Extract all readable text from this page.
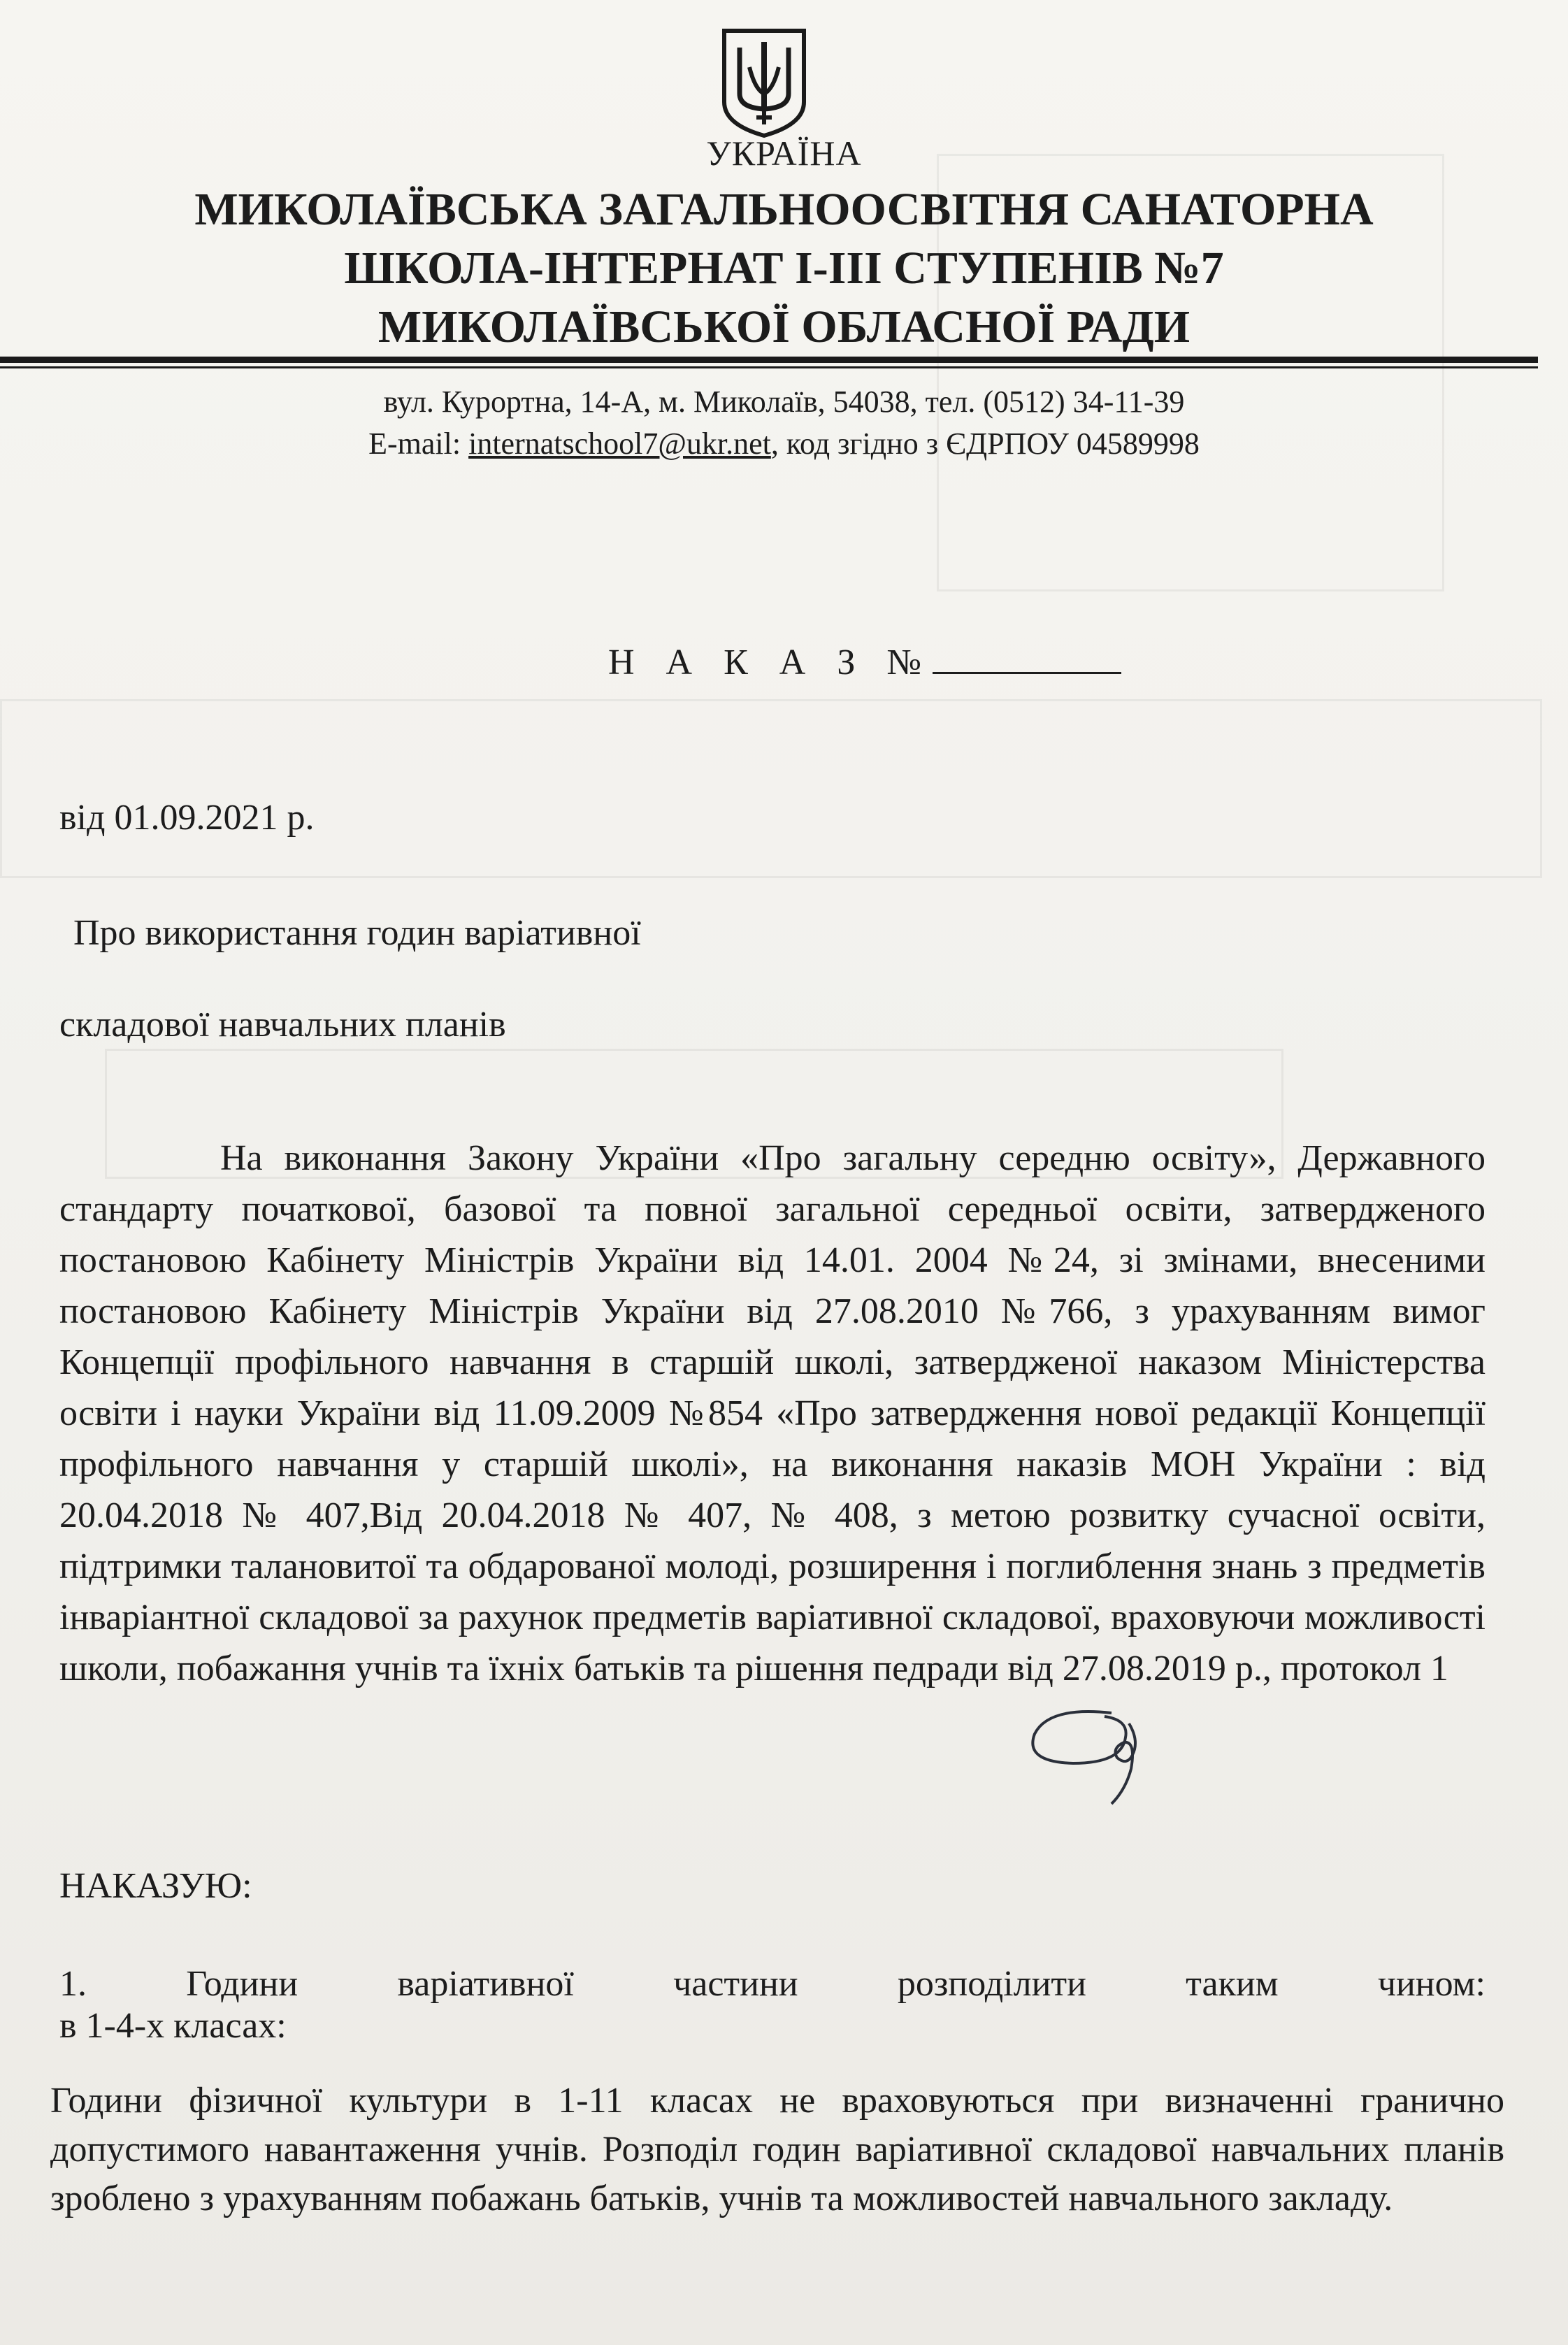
УКРАЇНА
МИКОЛАЇВСЬКА ЗАГАЛЬНООСВІТНЯ САНАТОРНА
ШКОЛА-ІНТЕРНАТ І-ІІІ СТУПЕНІВ №7
МИКОЛАЇВСЬКОЇ ОБЛАСНОЇ РАДИ
вул. Курортна, 14-А, м. Миколаїв, 54038, тел. (0512) 34-11-39
E-mail: internatschool7@ukr.net, код згідно з ЄДРПОУ 04589998
Н А К А З №
від 01.09.2021 р.
Про використання годин варіативної
складової навчальних планів

На виконання Закону України «Про загальну середню освіту», Державного стандарту початкової, базової та повної загальної середньої освіти, затвердженого постановою Кабінету Міністрів України від 14.01. 2004 №24, зі змінами, внесеними постановою Кабінету Міністрів України від 27.08.2010 №766, з урахуванням вимог Концепції профільного навчання в старшій школі, затвердженої наказом Міністерства освіти і науки України від 11.09.2009 №854 «Про затвердження нової редакції Концепції профільного навчання у старшій школі», на виконання наказів МОН України : від 20.04.2018 № 407,Від 20.04.2018 № 407, № 408, з метою розвитку сучасної освіти, підтримки талановитої та обдарованої молоді, розширення і поглиблення знань з предметів інваріантної складової за рахунок предметів варіативної складової, враховуючи можливості школи, побажання учнів та їхніх батьків та рішення педради від 27.08.2019 р., протокол 1

НАКАЗУЮ:

1. Години варіативної частини розподілити таким чином:

в 1-4-х класах:

Години фізичної культури в 1-11 класах не враховуються при визначенні гранично допустимого навантаження учнів. Розподіл годин варіативної складової навчальних планів зроблено з урахуванням побажань батьків, учнів та можливостей навчального закладу.
